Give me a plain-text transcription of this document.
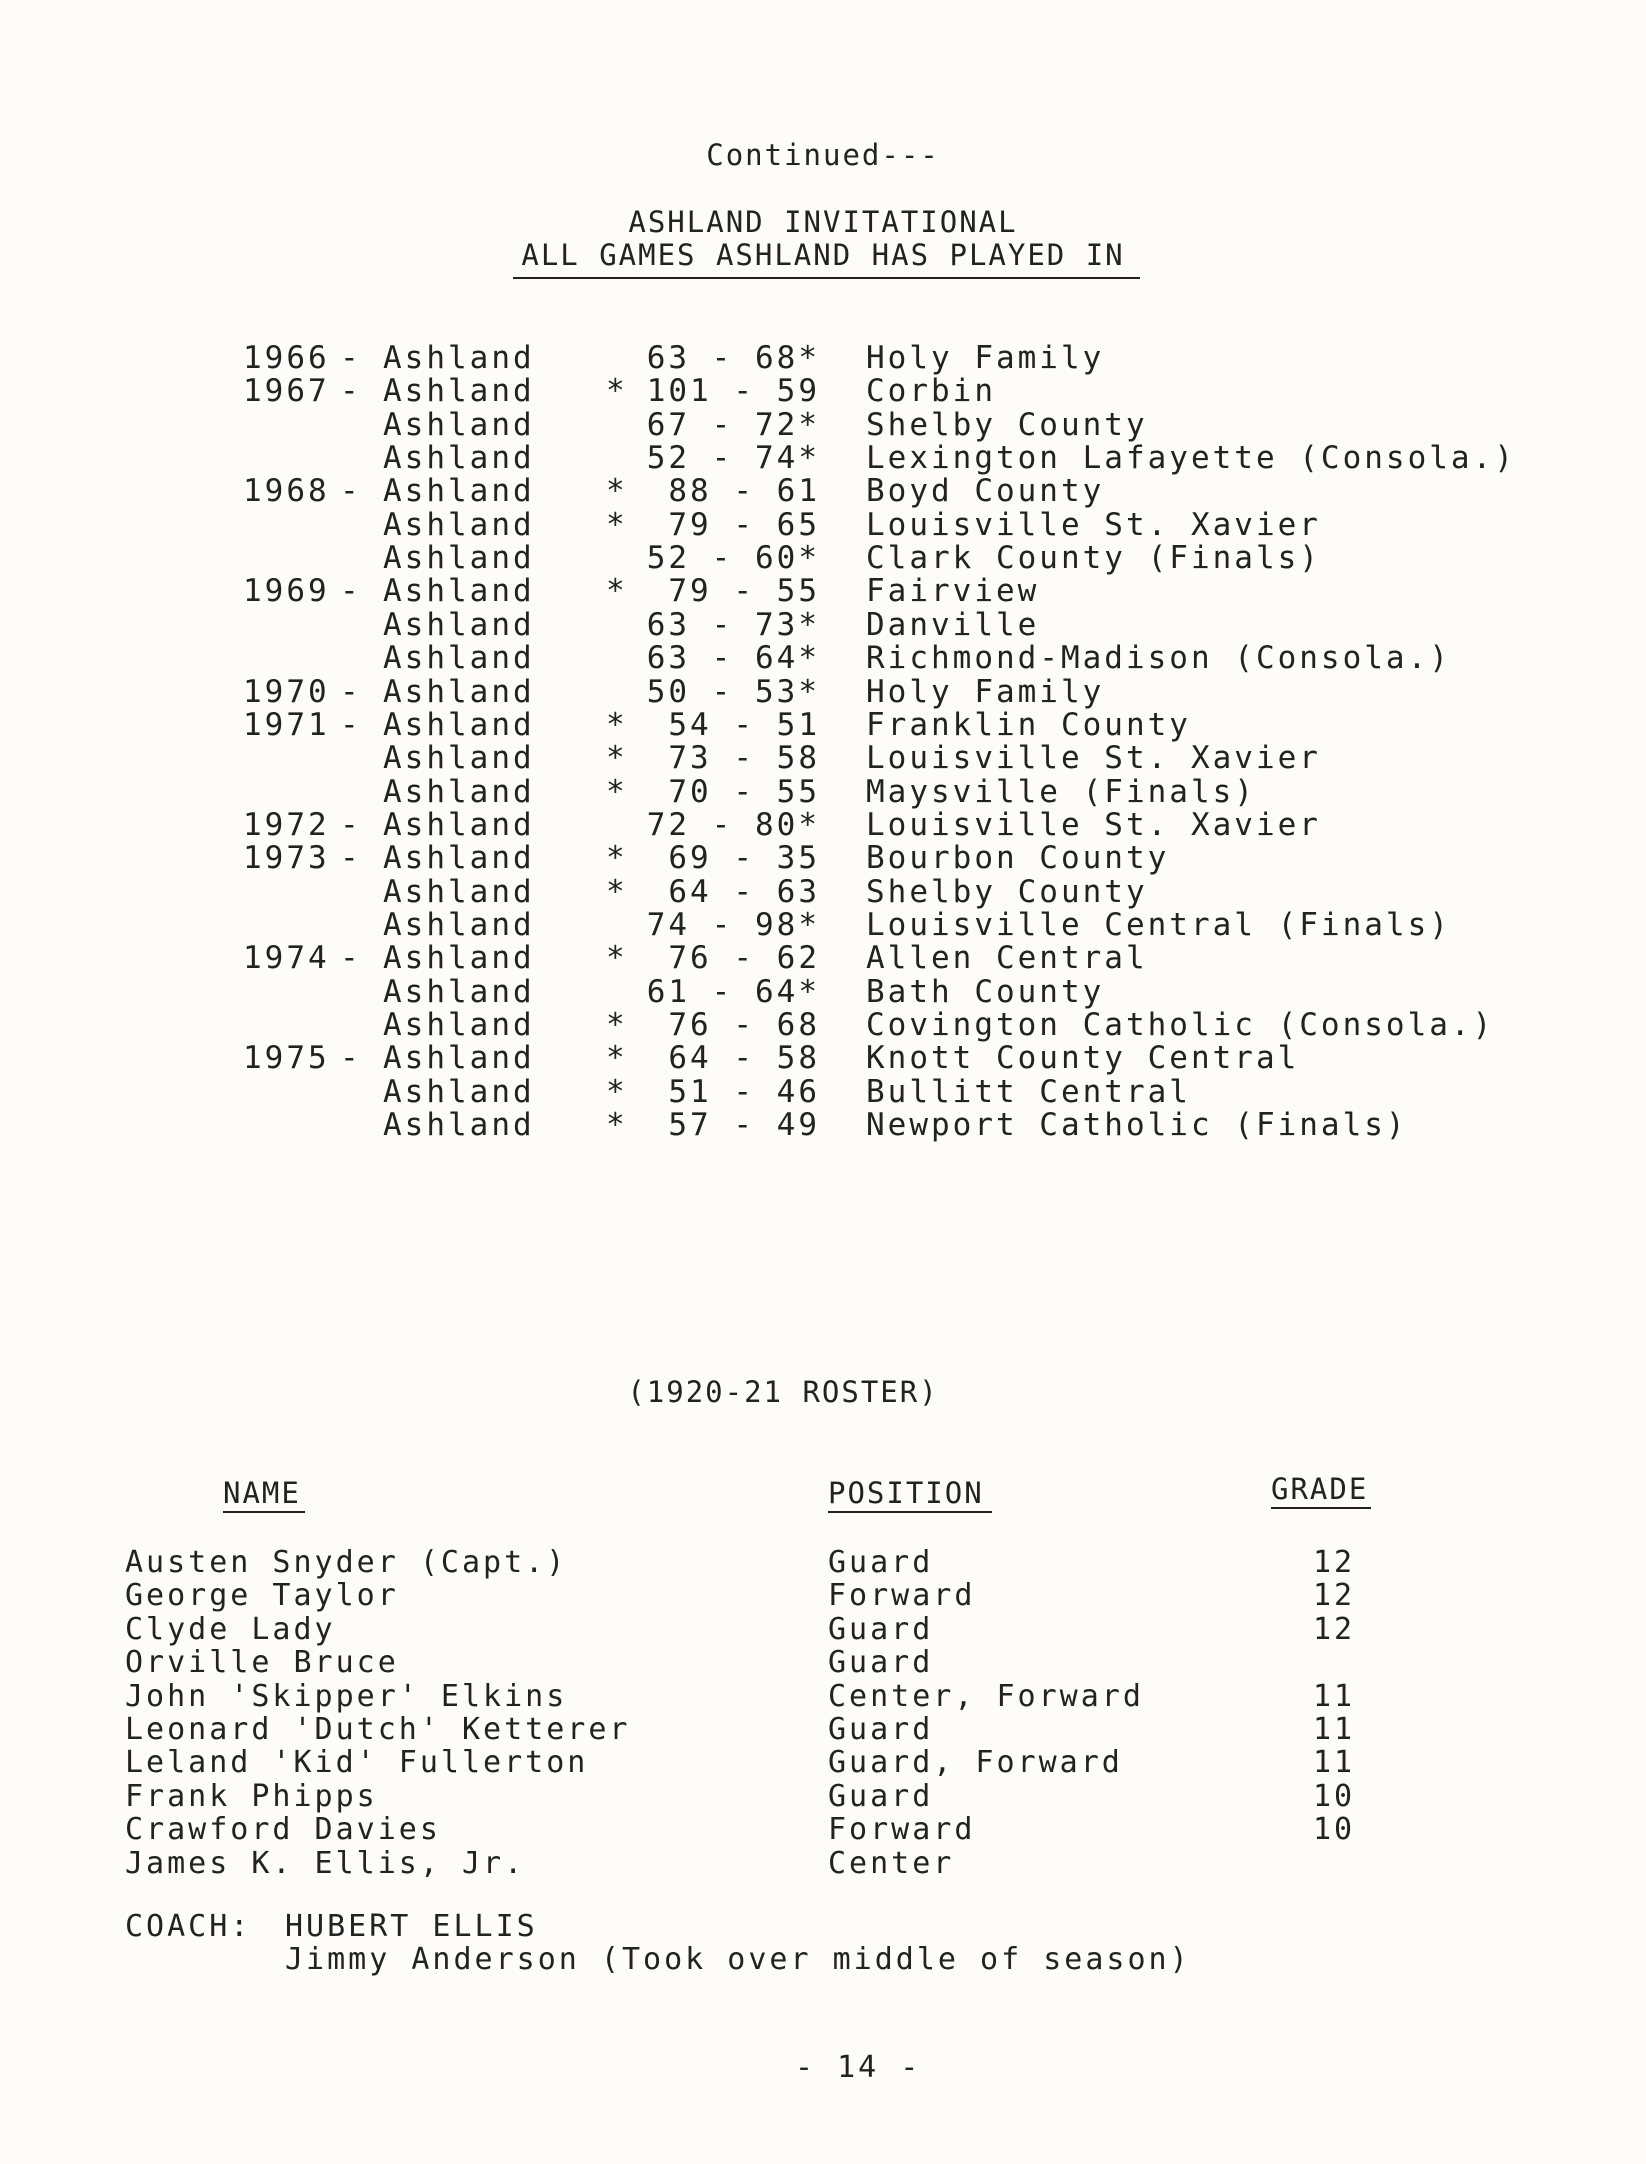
Continued---
ASHLAND INVITATIONAL
ALL GAMES ASHLAND HAS PLAYED IN
1966 - Ashland	63 - 68* Holy Family
1967 - Ashland * 101 - 59 Corbin
Ashland	67 - 72* Shelby County
Ashland	52 - 74* Lexington Lafayette (Consola.)
1968 - Ashland *	88 - 61 Boyd County
Ashland *	79 - 65 Louisville St. Xavier
Ashland	52 - 60* Clark County (Finals)
1969 - Ashland *	79 - 55 Fairview
Ashland	63 - 73* Danville
Ashland	63 - 64* Richmond-Madison (Consola.)
1970 - Ashland	50 - 53* Holy Family
1971 - Ashland *	54 - 51 Franklin County
Ashland *	73 - 58 Louisville St. Xavier
Ashland *	70 - 55 Maysville (Finals)
1972 - Ashland	72 - 80* Louisville St. Xavier
1973 - Ashland *	69 - 35 Bourbon County
Ashland *	64 - 63 Shelby County
Ashland	74 - 98* Louisville Central (Finals)
1974 - Ashland *	76 - 62 Allen Central
Ashland	61 - 64* Bath County
Ashland *	76 - 68 Covington Catholic (Consola.)
1975 - Ashland *	64 - 58 Knott County Central
Ashland *	51 - 46 Bullitt Central
Ashland *	57 - 49 Newport Catholic (Finals)
(1920-21 ROSTER)
NAME	POSITION	GRADE
Austen Snyder (Capt.)	Guard	12
George Taylor	Forward	12
Clyde Lady	Guard	12
Orville Bruce	Guard
John 'Skipper' Elkins	Center, Forward	11
Leonard 'Dutch' Ketterer	Guard	11
Leland 'Kid' Fullerton	Guard, Forward	11
Frank Phipps	Guard	10
Crawford Davies	Forward	10
James K. Ellis, Jr.	Center
COACH: HUBERT ELLIS
Jimmy Anderson (Took over middle of season)
- 14 -
